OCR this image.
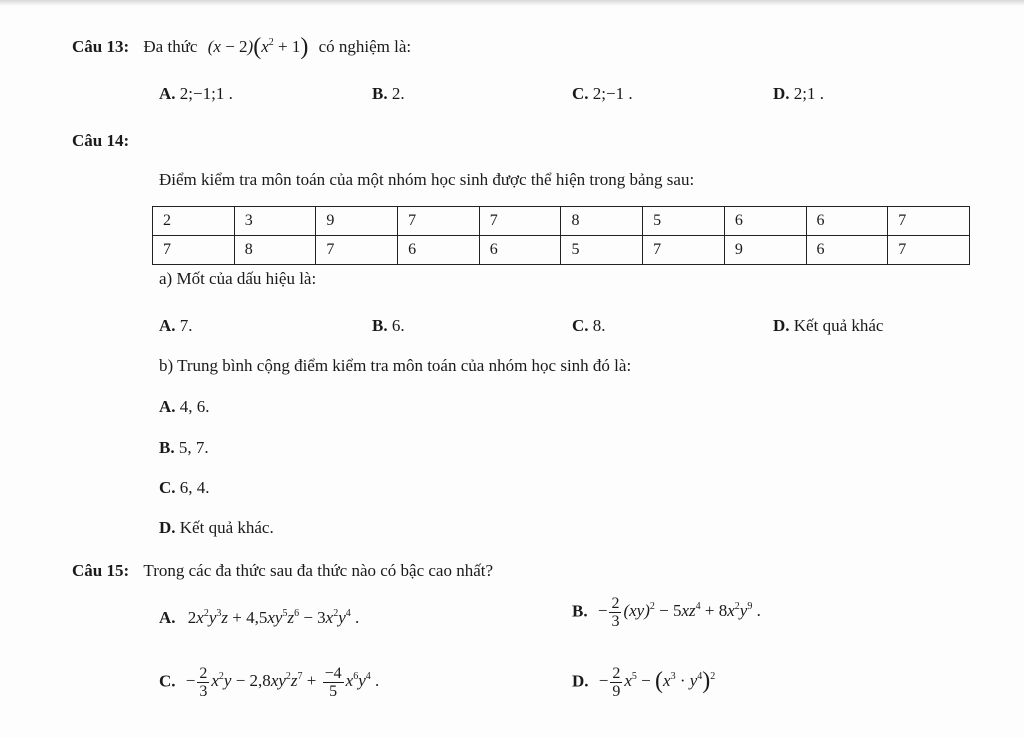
Câu 13: Đa thức $(x - 2)(x^2 + 1)$ có nghiệm là:
A. 2;−1;1 .	B. 2.	C. 2;−1 .	D. 2;1 .
Câu 14:
Điểm kiểm tra môn toán của một nhóm học sinh được thể hiện trong bảng sau:
2	3	9	7	7	8	5	6	6	7
7	8	7	6	6	5	7	9	6	7
a) Mốt của dấu hiệu là:
A. 7.	B. 6.	C. 8.	D. Kết quả khác
b) Trung bình cộng điểm kiểm tra môn toán của nhóm học sinh đó là:
A. 4, 6.
B. 5, 7.
C. 6, 4.
D. Kết quả khác.
Câu 15: Trong các đa thức sau đa thức nào có bậc cao nhất?
A. $2x^2y^3z + 4,5xy^5z^6 - 3x^2y^4$ .	B. − $\frac{2}{3} (xy)^2 - 5xz^4 + 8x^2y^9$ .
C. − $\frac{2}{3} x^2y - 2,8xy^2z^7 + \frac{-4}{5} x^6y^4$ .	D. − $\frac{2}{9} x^5 - (x^3 \cdot y^4)^2$
